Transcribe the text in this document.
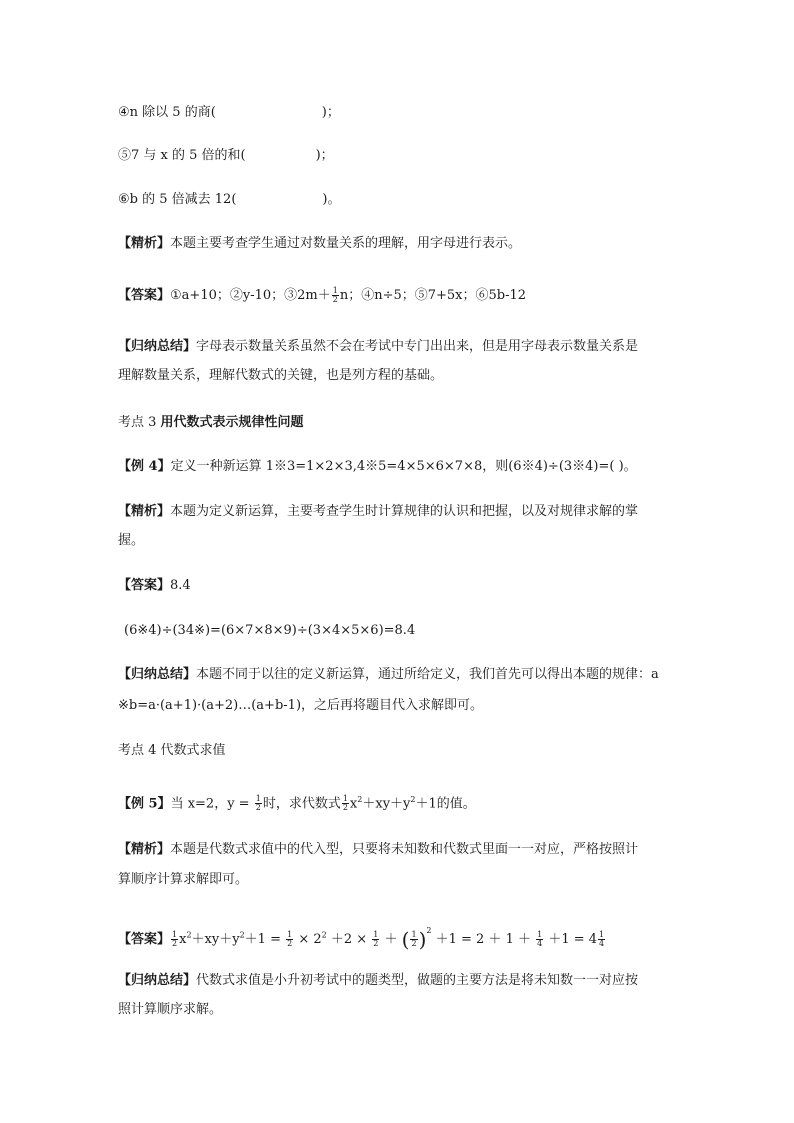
④n 除以 5 的商(	)；
⑤7 与 x 的 5 倍的和(	)；
⑥b 的 5 倍减去 12(	)。
【精析】本题主要考查学生通过对数量关系的理解，用字母进行表示。
【答案】①a+10；②y-10；③2m＋ $\frac{1}{2}$ n；④n÷5；⑤7+5x；⑥5b-12
【归纳总结】字母表示数量关系虽然不会在考试中专门出出来，但是用字母表示数量关系是
理解数量关系，理解代数式的关键，也是列方程的基础。
考点 3 用代数式表示规律性问题
【例 4】定义一种新运算 1※3=1×2×3,4※5=4×5×6×7×8，则(6※4)÷(3※4)=( )。
【精析】本题为定义新运算，主要考查学生时计算规律的认识和把握，以及对规律求解的掌
握。
【答案】8.4
(6※4)÷(34※)=(6×7×8×9)÷(3×4×5×6)=8.4
【归纳总结】本题不同于以往的定义新运算，通过所给定义，我们首先可以得出本题的规律：a
※b=a·(a+1)·(a+2)…(a+b-1)，之后再将题目代入求解即可。
考点 4 代数式求值
【例 5】当 x=2，$y = \frac{1}{2}$ 时，求代数式 $\frac{1}{2} x^2+xy+y^2+1$的值。
【精析】本题是代数式求值中的代入型，只要将未知数和代数式里面一一对应，严格按照计
算顺序计算求解即可。
【答案】 $\frac{1}{2} x^2+xy+y^2+1 = \frac{1}{2} \times 2^2 +2 \times \frac{1}{2}$ ＋ ( $\frac{1}{2} )^2 +1 = 2 + 1 + \frac{1}{4} +1 = 4 \frac{1}{4}$
【归纳总结】代数式求值是小升初考试中的题类型，做题的主要方法是将未知数一一对应按
照计算顺序求解。
